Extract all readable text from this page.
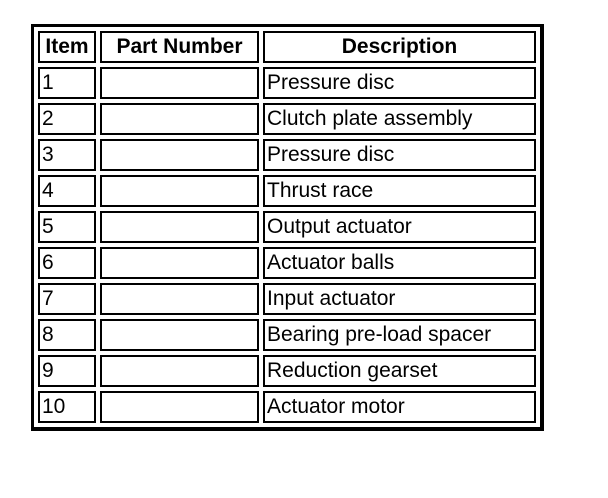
Item	Part Number	Description
1		Pressure disc
2		Clutch plate assembly
3		Pressure disc
4		Thrust race
5		Output actuator
6		Actuator balls
7		Input actuator
8		Bearing pre-load spacer
9		Reduction gearset
10		Actuator motor
